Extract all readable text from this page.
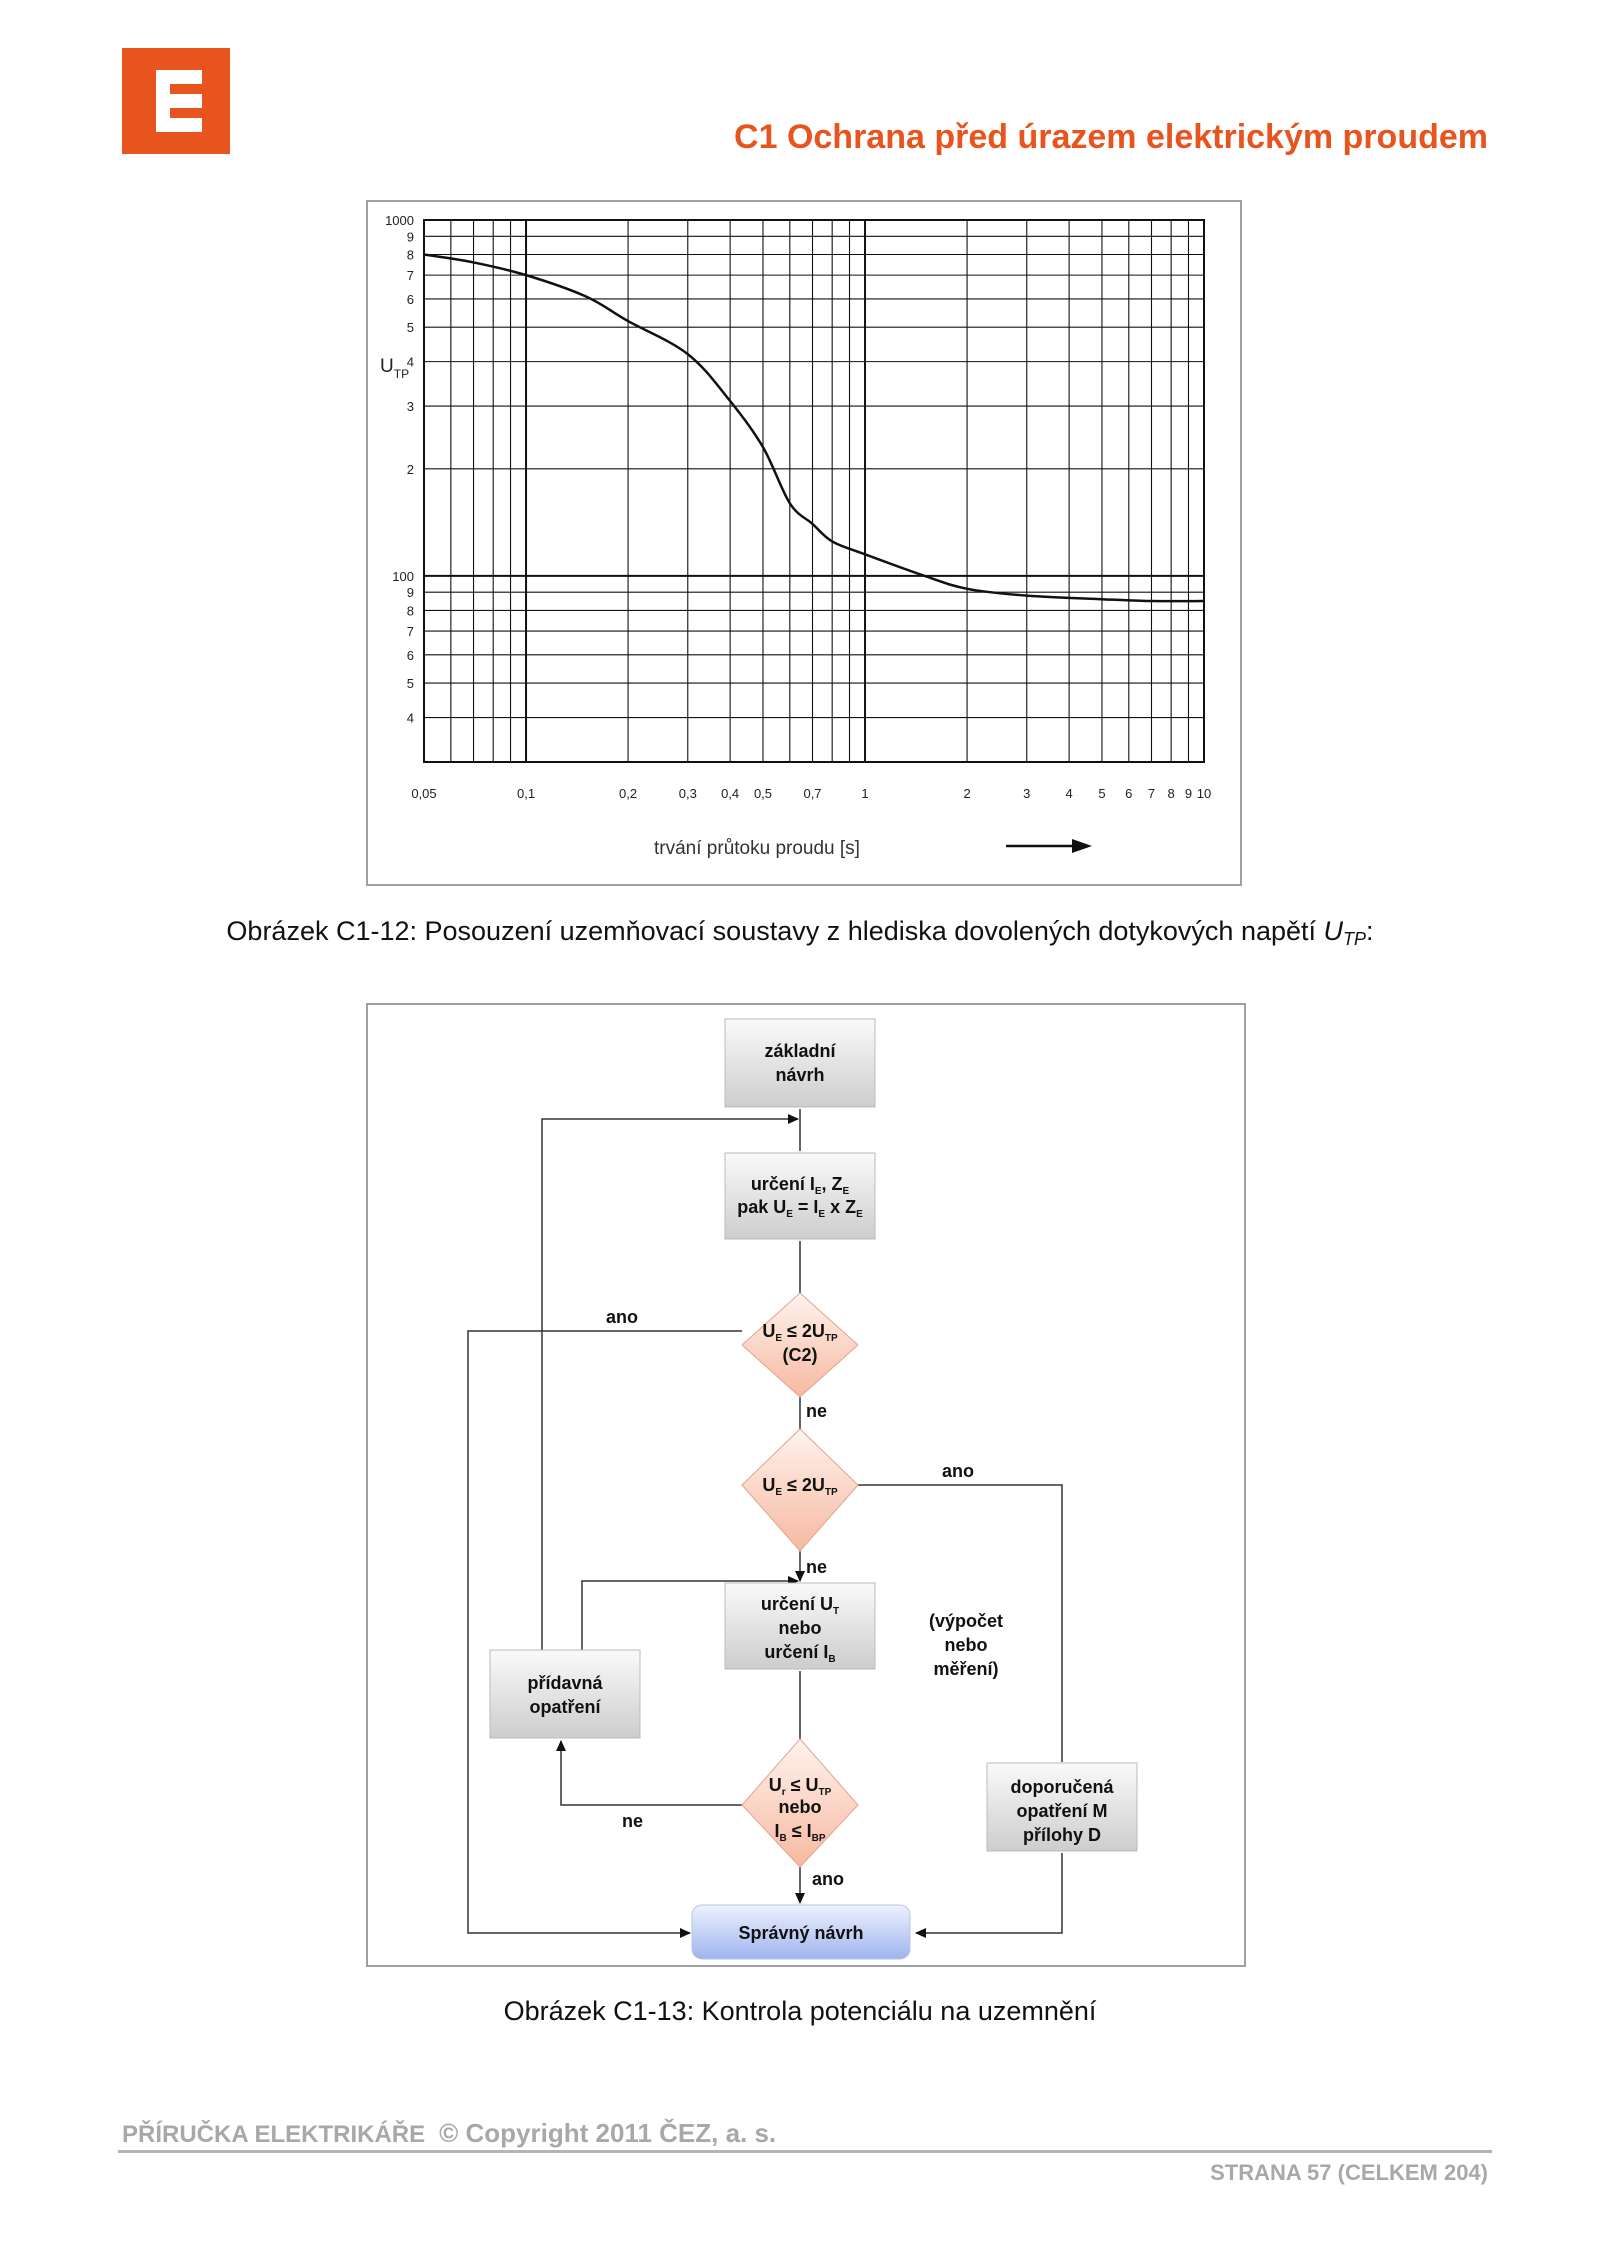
C1 Ochrana před úrazem elektrickým proudem
0,05	0,1	0,2	0,3 0,4 0,5 0,7	1	2	3	4 5 6 7 8 9 10
1000
9
8
7
6
5
4
3
2
100
9
8
7
6
5
4
$U_{TP}$
trvání průtoku proudu [s]
Obrázek C1-12: Posouzení uzemňovací soustavy z hlediska dovolených dotykových napětí UTP:
základní
návrh
určení $I_E$, $Z_E$
pak $U_E = I_E$ x $Z_E$
$U_E \le 2U_{TP}$
(C2)
$U_E \le 2U_{TP}$
určení $U_T$
nebo
určení $I_B$
přídavná
opatření
$U_r \le U_{TP}$
nebo
$I_B \le I_{BP}$
doporučená
opatření M
přílohy D
Správný návrh
ano
ne
ano
ne
ne
ano
(výpočet
nebo
měření)
Obrázek C1-13: Kontrola potenciálu na uzemnění
PŘÍRUČKA ELEKTRIKÁŘE © Copyright 2011 ČEZ, a. s.
STRANA 57 (CELKEM 204)
